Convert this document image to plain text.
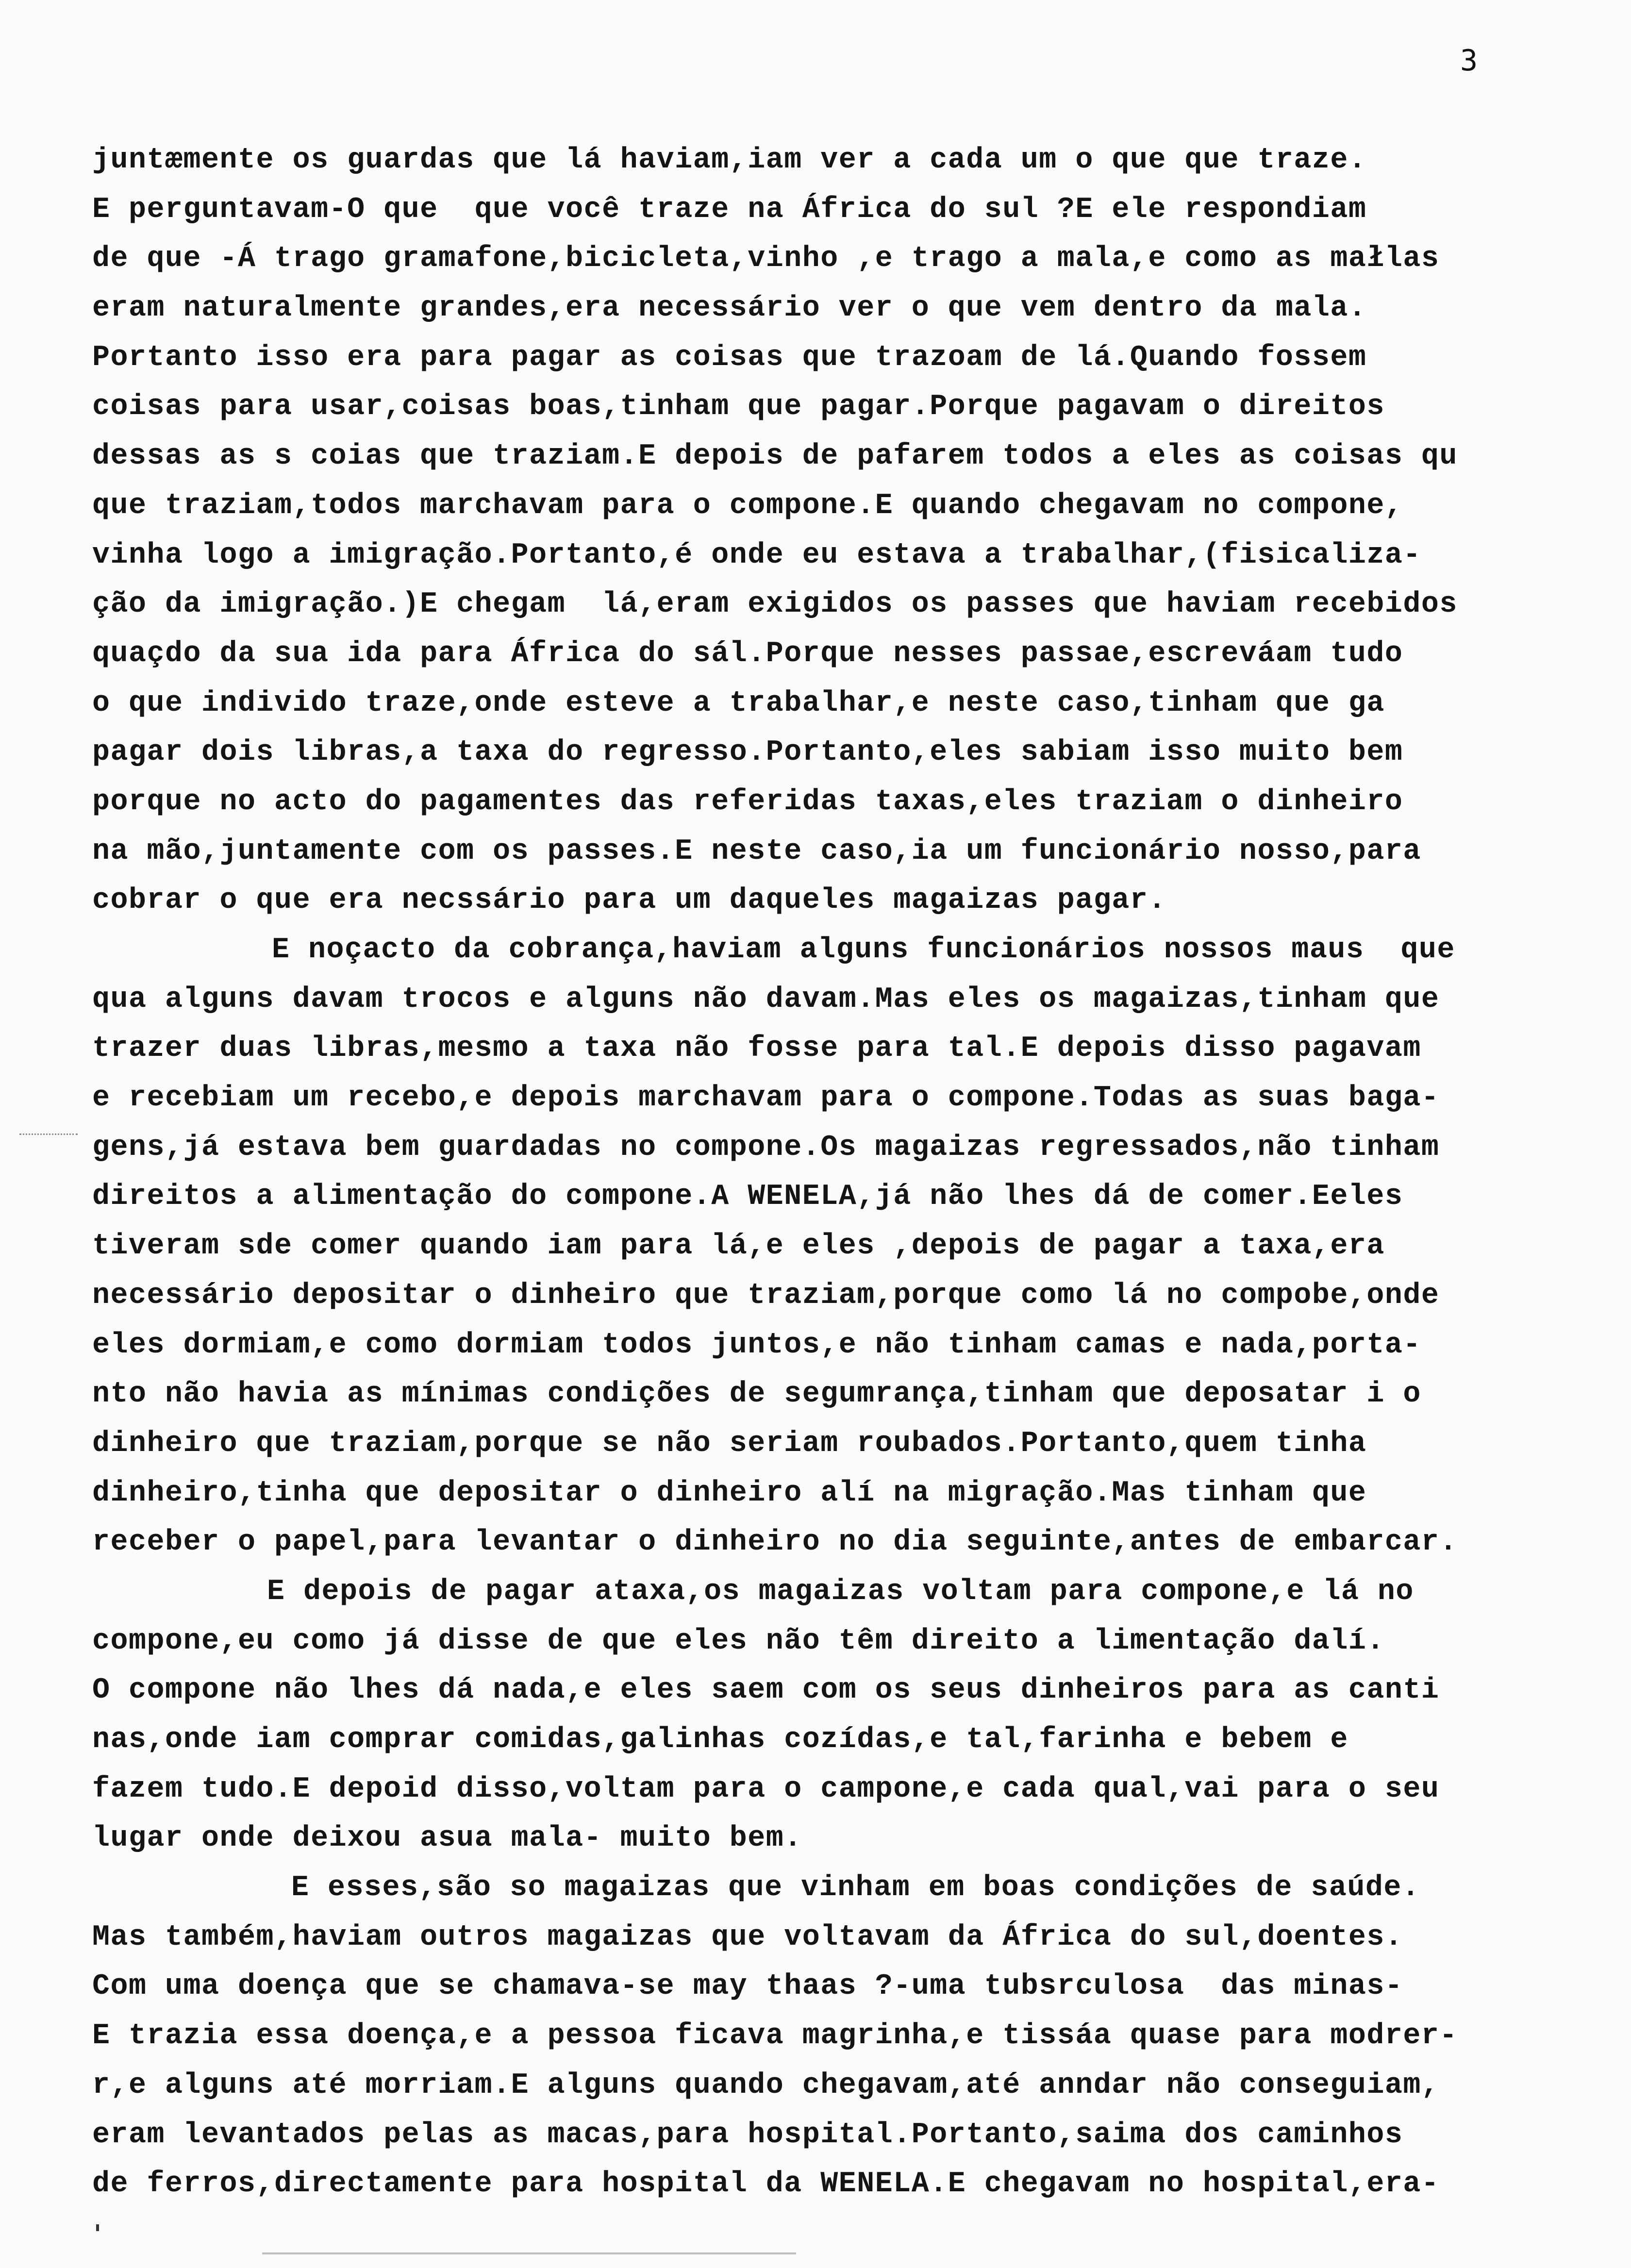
3
juntæmente os guardas que lá haviam,iam ver a cada um o que que traze.
E perguntavam-O que  que você traze na África do sul ?E ele respondiam
de que -Á trago gramafone,bicicleta,vinho ,e trago a mala,e como as małlas
eram naturalmente grandes,era necessário ver o que vem dentro da mala.
Portanto isso era para pagar as coisas que trazoam de lá.Quando fossem
coisas para usar,coisas boas,tinham que pagar.Porque pagavam o direitos
dessas as s coias que traziam.E depois de pafarem todos a eles as coisas qu
que traziam,todos marchavam para o compone.E quando chegavam no compone,
vinha logo a imigração.Portanto,é onde eu estava a trabalhar,(fisicaliza-
ção da imigração.)E chegam  lá,eram exigidos os passes que haviam recebidos
quaçdo da sua ida para África do sál.Porque nesses passae,escreváam tudo
o que individo traze,onde esteve a trabalhar,e neste caso,tinham que ga
pagar dois libras,a taxa do regresso.Portanto,eles sabiam isso muito bem
porque no acto do pagamentes das referidas taxas,eles traziam o dinheiro
na mão,juntamente com os passes.E neste caso,ia um funcionário nosso,para
cobrar o que era necssário para um daqueles magaizas pagar.
E noçacto da cobrança,haviam alguns funcionários nossos maus  que
qua alguns davam trocos e alguns não davam.Mas eles os magaizas,tinham que
trazer duas libras,mesmo a taxa não fosse para tal.E depois disso pagavam
e recebiam um recebo,e depois marchavam para o compone.Todas as suas baga-
gens,já estava bem guardadas no compone.Os magaizas regressados,não tinham
direitos a alimentação do compone.A WENELA,já não lhes dá de comer.Eeles
tiveram sde comer quando iam para lá,e eles ,depois de pagar a taxa,era
necessário depositar o dinheiro que traziam,porque como lá no compobe,onde
eles dormiam,e como dormiam todos juntos,e não tinham camas e nada,porta-
nto não havia as mínimas condições de segumrança,tinham que deposatar i o
dinheiro que traziam,porque se não seriam roubados.Portanto,quem tinha
dinheiro,tinha que depositar o dinheiro alí na migração.Mas tinham que
receber o papel,para levantar o dinheiro no dia seguinte,antes de embarcar.
E depois de pagar ataxa,os magaizas voltam para compone,e lá no
compone,eu como já disse de que eles não têm direito a limentação dalí.
O compone não lhes dá nada,e eles saem com os seus dinheiros para as canti
nas,onde iam comprar comidas,galinhas cozídas,e tal,farinha e bebem e
fazem tudo.E depoid disso,voltam para o campone,e cada qual,vai para o seu
lugar onde deixou asua mala- muito bem.
E esses,são so magaizas que vinham em boas condições de saúde.
Mas também,haviam outros magaizas que voltavam da África do sul,doentes.
Com uma doença que se chamava-se may thaas ?-uma tubsrculosa  das minas-
E trazia essa doença,e a pessoa ficava magrinha,e tissáa quase para modrer-
r,e alguns até morriam.E alguns quando chegavam,até anndar não conseguiam,
eram levantados pelas as macas,para hospital.Portanto,saima dos caminhos
de ferros,directamente para hospital da WENELA.E chegavam no hospital,era-
